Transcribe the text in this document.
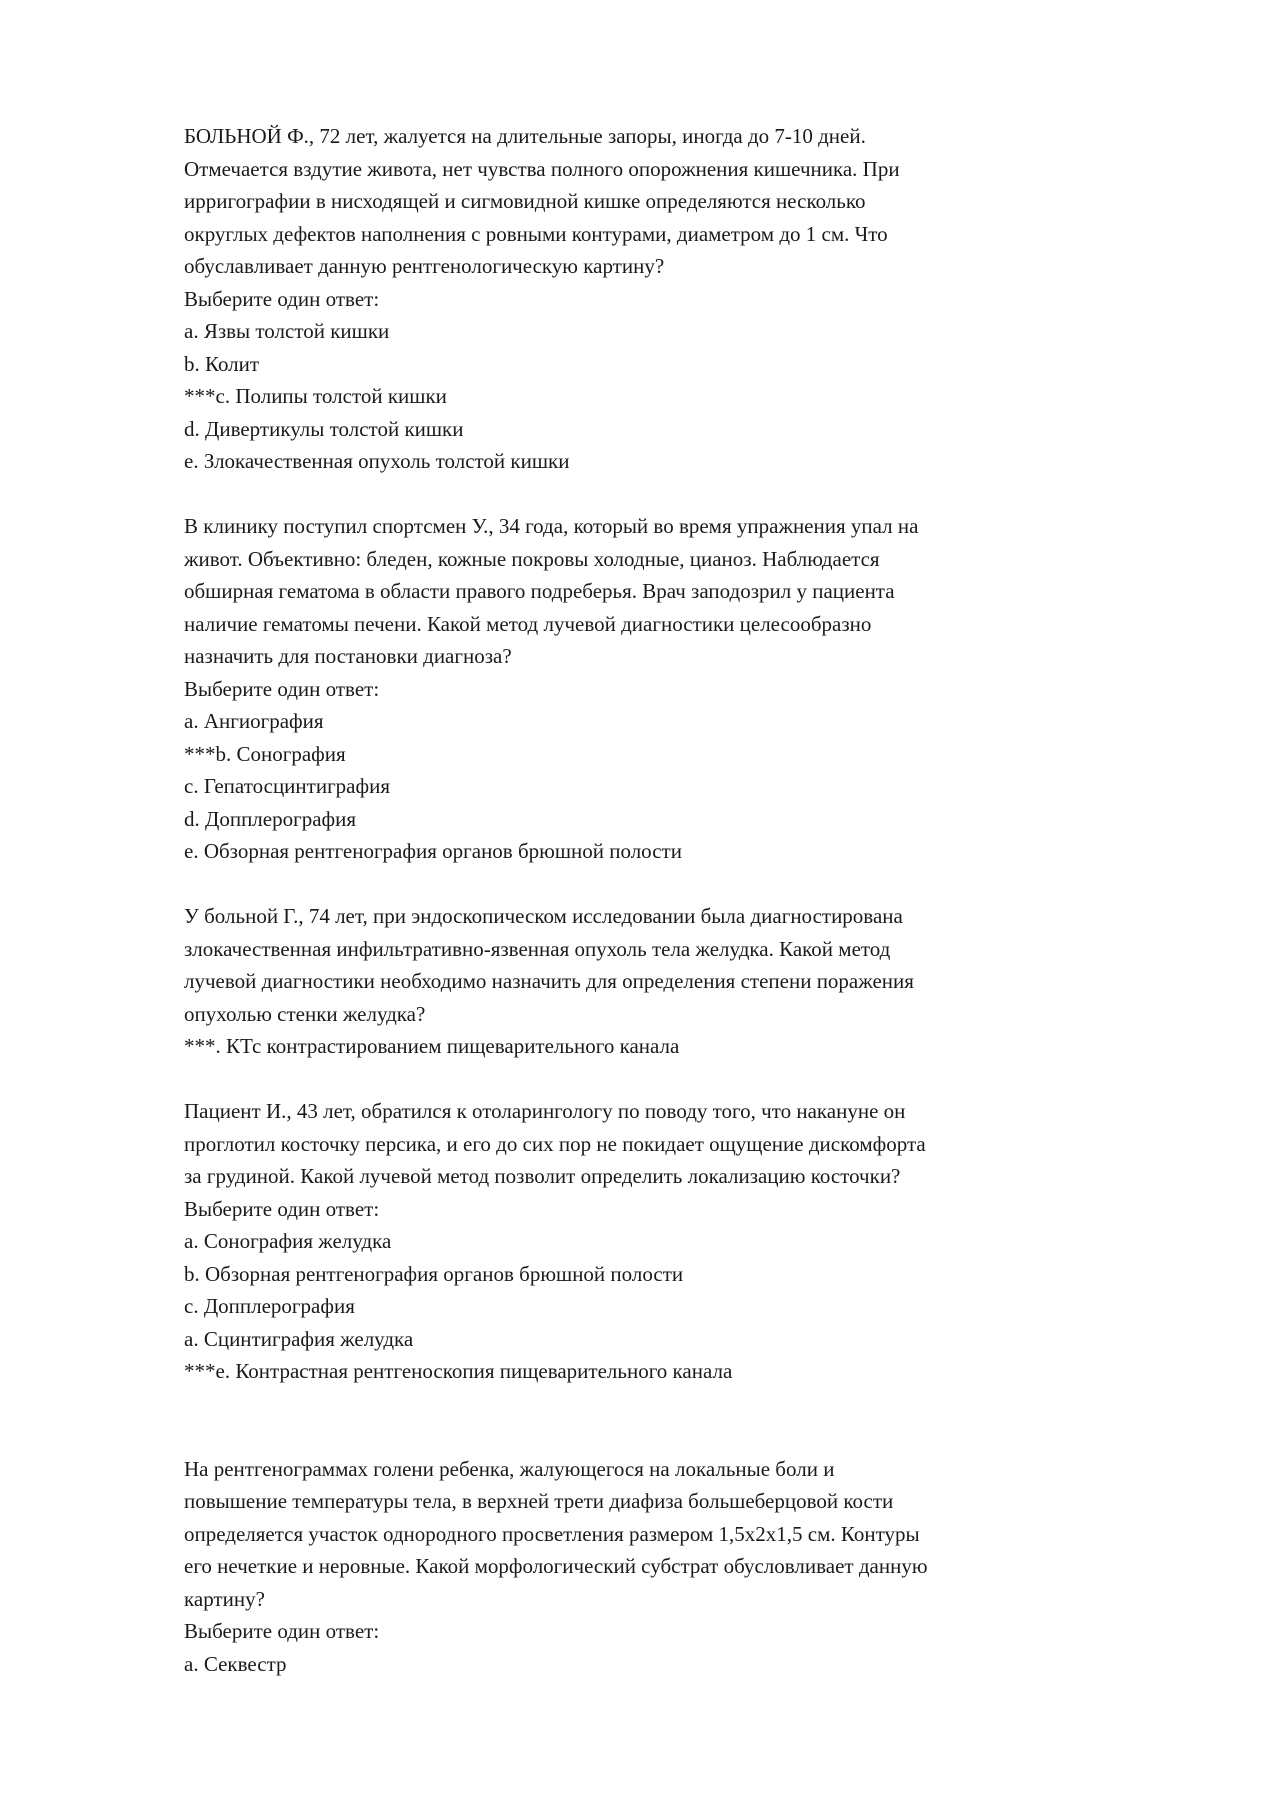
БОЛЬНОЙ Ф., 72 лет, жалуется на длительные запоры, иногда до 7-10 дней.
Отмечается вздутие живота, нет чувства полного опорожнения кишечника. При
ирригографии в нисходящей и сигмовидной кишке определяются несколько
округлых дефектов наполнения с ровными контурами, диаметром до 1 см. Что
обуславливает данную рентгенологическую картину?
Выберите один ответ:
a. Язвы толстой кишки
b. Колит
***c. Полипы толстой кишки
d. Дивертикулы толстой кишки
e. Злокачественная опухоль толстой кишки
В клинику поступил спортсмен У., 34 года, который во время упражнения упал на
живот. Объективно: бледен, кожные покровы холодные, цианоз. Наблюдается
обширная гематома в области правого подреберья. Врач заподозрил у пациента
наличие гематомы печени. Какой метод лучевой диагностики целесообразно
назначить для постановки диагноза?
Выберите один ответ:
a. Ангиография
***b. Сонография
c. Гепатосцинтиграфия
d. Допплерография
e. Обзорная рентгенография органов брюшной полости
У больной Г., 74 лет, при эндоскопическом исследовании была диагностирована
злокачественная инфильтративно-язвенная опухоль тела желудка. Какой метод
лучевой диагностики необходимо назначить для определения степени поражения
опухолью стенки желудка?
***. КТс контрастированием пищеварительного канала
Пациент И., 43 лет, обратился к отоларингологу по поводу того, что накануне он
проглотил косточку персика, и его до сих пор не покидает ощущение дискомфорта
за грудиной. Какой лучевой метод позволит определить локализацию косточки?
Выберите один ответ:
a. Сонография желудка
b. Обзорная рентгенография органов брюшной полости
c. Допплерография
a. Сцинтиграфия желудка
***e. Контрастная рентгеноскопия пищеварительного канала
На рентгенограммах голени ребенка, жалующегося на локальные боли и
повышение температуры тела, в верхней трети диафиза большеберцовой кости
определяется участок однородного просветления размером 1,5х2х1,5 см. Контуры
его нечеткие и неровные. Какой морфологический субстрат обусловливает данную
картину?
Выберите один ответ:
a. Секвестр
